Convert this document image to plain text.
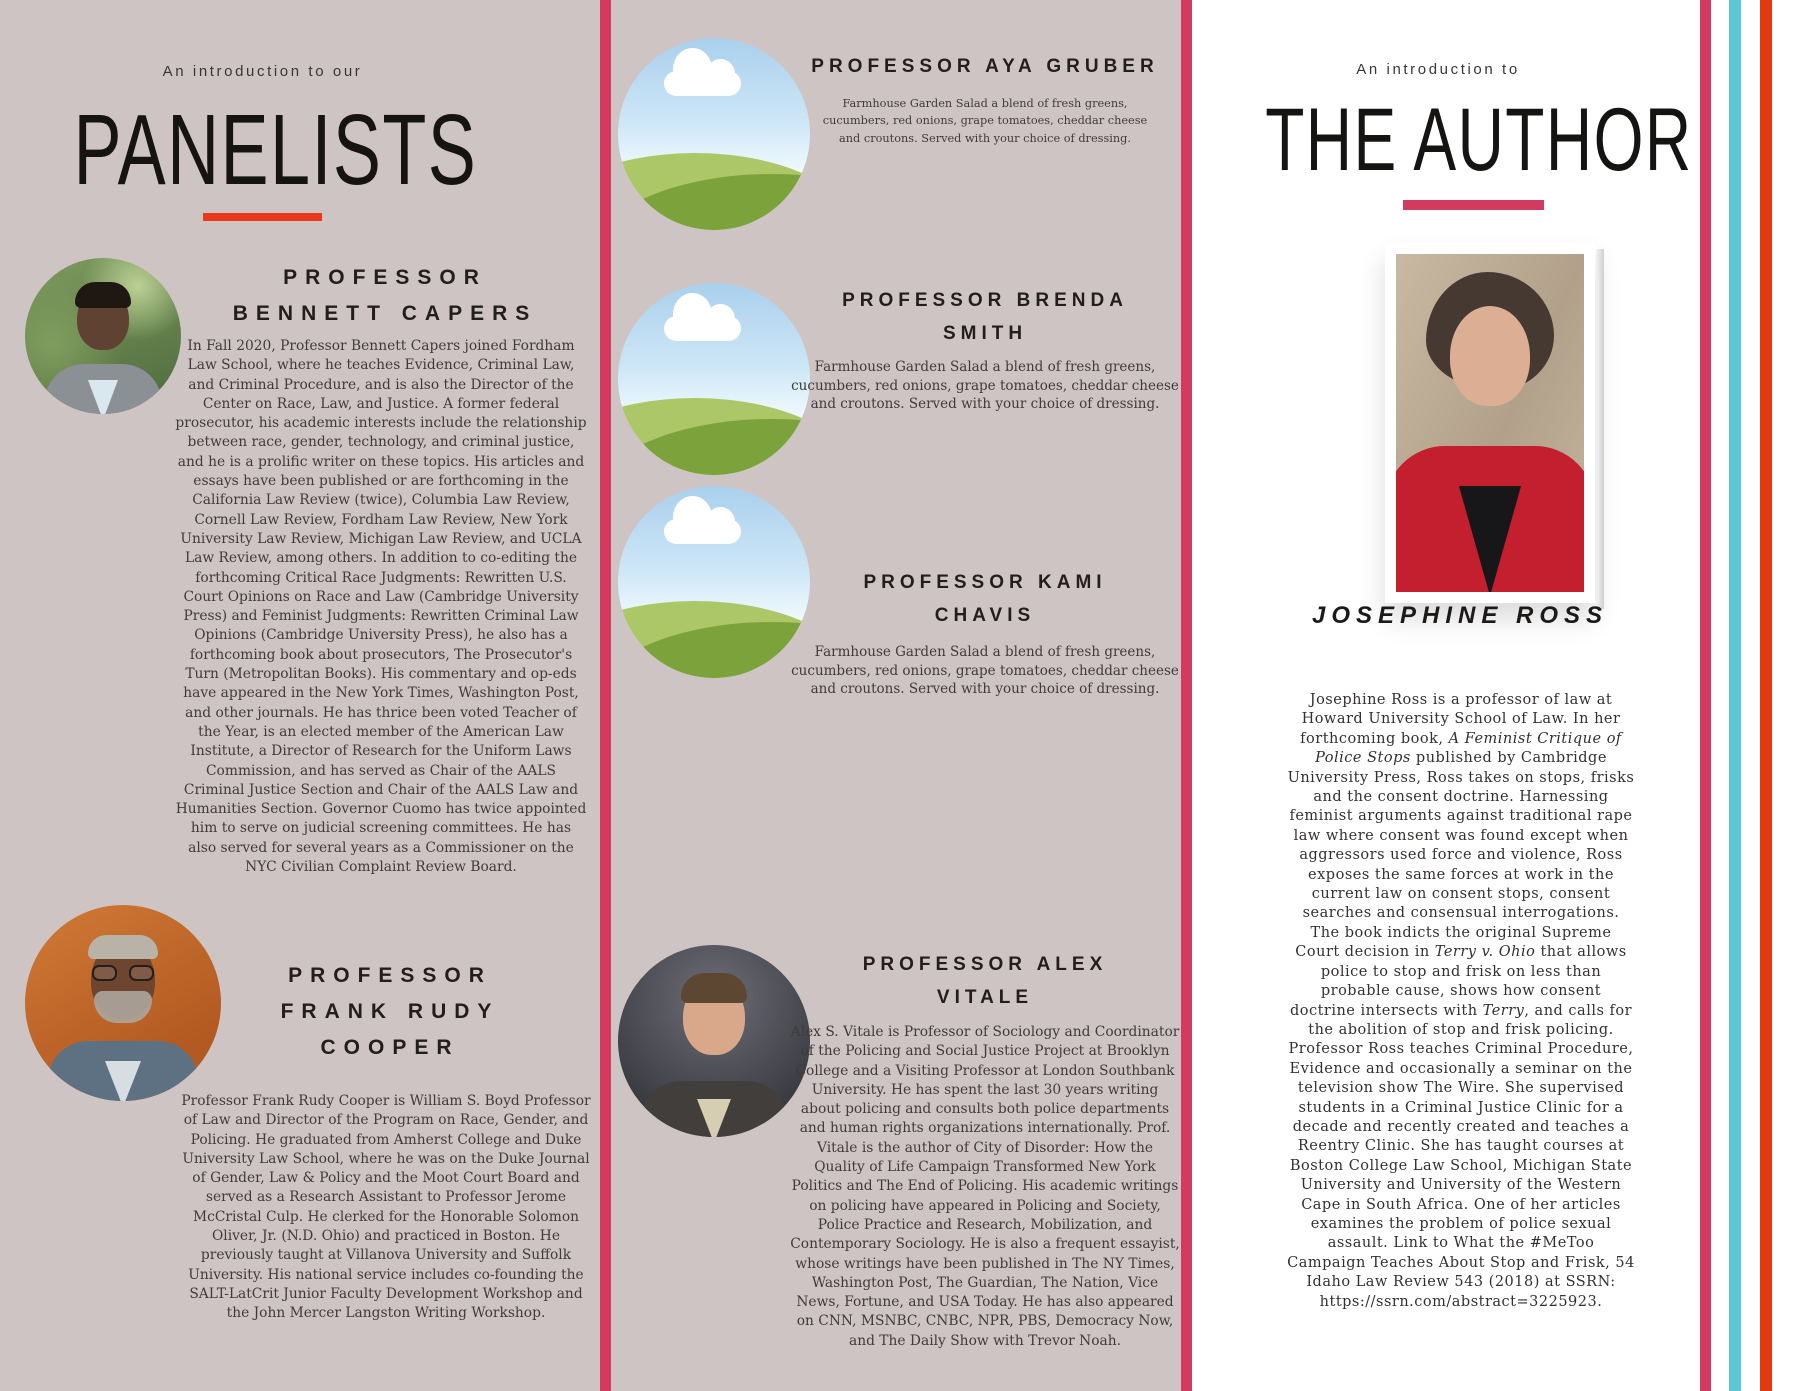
An introduction to our
PANELISTS
PROFESSOR
BENNETT CAPERS
In Fall 2020, Professor Bennett Capers joined Fordham Law School, where he teaches Evidence, Criminal Law, and Criminal Procedure, and is also the Director of the Center on Race, Law, and Justice. A former federal prosecutor, his academic interests include the relationship between race, gender, technology, and criminal justice, and he is a prolific writer on these topics. His articles and essays have been published or are forthcoming in the California Law Review (twice), Columbia Law Review, Cornell Law Review, Fordham Law Review, New York University Law Review, Michigan Law Review, and UCLA Law Review, among others. In addition to co-editing the forthcoming Critical Race Judgments: Rewritten U.S. Court Opinions on Race and Law (Cambridge University Press) and Feminist Judgments: Rewritten Criminal Law Opinions (Cambridge University Press), he also has a forthcoming book about prosecutors, The Prosecutor's Turn (Metropolitan Books). His commentary and op-eds have appeared in the New York Times, Washington Post, and other journals. He has thrice been voted Teacher of the Year, is an elected member of the American Law Institute, a Director of Research for the Uniform Laws Commission, and has served as Chair of the AALS Criminal Justice Section and Chair of the AALS Law and Humanities Section. Governor Cuomo has twice appointed him to serve on judicial screening committees. He has also served for several years as a Commissioner on the NYC Civilian Complaint Review Board.
PROFESSOR
FRANK RUDY
COOPER
Professor Frank Rudy Cooper is William S. Boyd Professor of Law and Director of the Program on Race, Gender, and Policing. He graduated from Amherst College and Duke University Law School, where he was on the Duke Journal of Gender, Law & Policy and the Moot Court Board and served as a Research Assistant to Professor Jerome McCristal Culp. He clerked for the Honorable Solomon Oliver, Jr. (N.D. Ohio) and practiced in Boston. He previously taught at Villanova University and Suffolk University. His national service includes co-founding the SALT-LatCrit Junior Faculty Development Workshop and the John Mercer Langston Writing Workshop.
PROFESSOR AYA GRUBER
Farmhouse Garden Salad a blend of fresh greens, cucumbers, red onions, grape tomatoes, cheddar cheese and croutons. Served with your choice of dressing.
PROFESSOR BRENDA
SMITH
Farmhouse Garden Salad a blend of fresh greens, cucumbers, red onions, grape tomatoes, cheddar cheese and croutons. Served with your choice of dressing.
PROFESSOR KAMI
CHAVIS
Farmhouse Garden Salad a blend of fresh greens, cucumbers, red onions, grape tomatoes, cheddar cheese and croutons. Served with your choice of dressing.
PROFESSOR ALEX
VITALE
Alex S. Vitale is Professor of Sociology and Coordinator of the Policing and Social Justice Project at Brooklyn College and a Visiting Professor at London Southbank University. He has spent the last 30 years writing about policing and consults both police departments and human rights organizations internationally. Prof. Vitale is the author of City of Disorder: How the Quality of Life Campaign Transformed New York Politics and The End of Policing. His academic writings on policing have appeared in Policing and Society, Police Practice and Research, Mobilization, and Contemporary Sociology. He is also a frequent essayist, whose writings have been published in The NY Times, Washington Post, The Guardian, The Nation, Vice News, Fortune, and USA Today. He has also appeared on CNN, MSNBC, CNBC, NPR, PBS, Democracy Now, and The Daily Show with Trevor Noah.
An introduction to
THE AUTHOR
JOSEPHINE ROSS
Josephine Ross is a professor of law at Howard University School of Law. In her forthcoming book, A Feminist Critique of Police Stops published by Cambridge University Press, Ross takes on stops, frisks and the consent doctrine. Harnessing feminist arguments against traditional rape law where consent was found except when aggressors used force and violence, Ross exposes the same forces at work in the current law on consent stops, consent searches and consensual interrogations. The book indicts the original Supreme Court decision in Terry v. Ohio that allows police to stop and frisk on less than probable cause, shows how consent doctrine intersects with Terry, and calls for the abolition of stop and frisk policing. Professor Ross teaches Criminal Procedure, Evidence and occasionally a seminar on the television show The Wire. She supervised students in a Criminal Justice Clinic for a decade and recently created and teaches a Reentry Clinic. She has taught courses at Boston College Law School, Michigan State University and University of the Western Cape in South Africa. One of her articles examines the problem of police sexual assault. Link to What the #MeToo Campaign Teaches About Stop and Frisk, 54 Idaho Law Review 543 (2018) at SSRN: https://ssrn.com/abstract=3225923.
